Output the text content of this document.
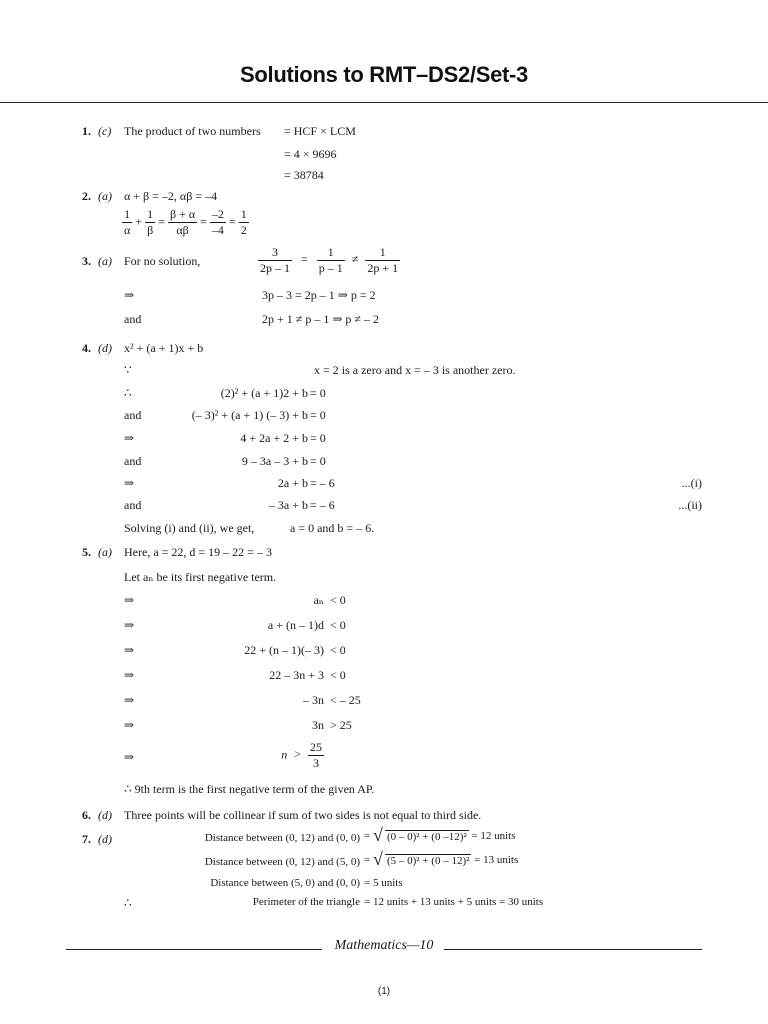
Solutions to RMT–DS2/Set-3
1. (c) The product of two numbers = HCF × LCM
= 4 × 9696
= 38784
2. (a) α + β = –2, αβ = –4
$\frac{1}{\alpha} + \frac{1}{\beta} = \frac{\beta + \alpha}{\alpha\beta} = \frac{-2}{-4} = \frac{1}{2}$
3. (a) For no solution,	$\frac{3}{2p - 1} = \frac{1}{p - 1} \ne \frac{1}{2p + 1}$
⇒	3p – 3 = 2p – 1 ⇒ p = 2
and	2p + 1 ≠ p – 1 ⇒ p ≠ – 2
4. (d) x² + (a + 1)x + b
∵	x = 2 is a zero and x = – 3 is another zero.
∴	(2)² + (a + 1)2 + b = 0
and	(– 3)² + (a + 1) (– 3) + b = 0
⇒	4 + 2a + 2 + b = 0
and	9 – 3a – 3 + b = 0
⇒	2a + b = – 6	...(i)
and	– 3a + b = – 6	...(ii)
Solving (i) and (ii), we get,	a = 0 and b = – 6.
5. (a) Here, a = 22, d = 19 – 22 = – 3
Let aₙ be its first negative term.
⇒	aₙ < 0
⇒	a + (n – 1)d < 0
⇒	22 + (n – 1)(– 3) < 0
⇒	22 – 3n + 3 < 0
⇒	– 3n < – 25
⇒	3n > 25
⇒	$n > \frac{25}{3}$
∴ 9th term is the first negative term of the given AP.
6. (d) Three points will be collinear if sum of two sides is not equal to third side.
7. (d)	Distance between (0, 12) and (0, 0) = √ (0 – 0)² + (0 –12)² = 12 units
Distance between (0, 12) and (5, 0) = √ (5 – 0)² + (0 – 12)² = 13 units
Distance between (5, 0) and (0, 0) = 5 units
∴	Perimeter of the triangle = 12 units + 13 units + 5 units = 30 units
Mathematics—10
(1)
